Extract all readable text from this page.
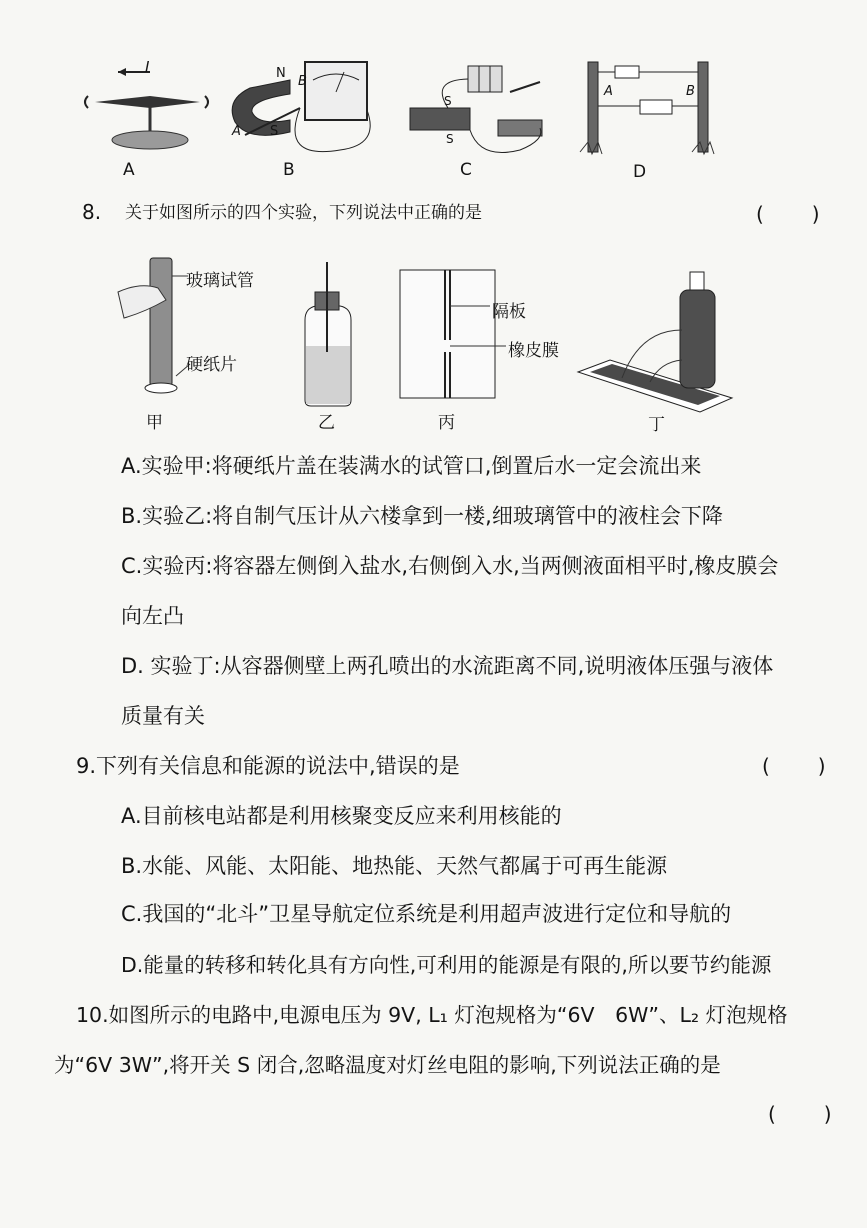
I	N
S
A
B
S
S
A	B
A	B	C	D
8. 关于如图所示的四个实验，下列说法中正确的是	(　)
玻璃试管
硬纸片
隔板
橡皮膜
甲	乙	丙	丁
A.实验甲:将硬纸片盖在装满水的试管口,倒置后水一定会流出来
B.实验乙:将自制气压计从六楼拿到一楼,细玻璃管中的液柱会下降
C.实验丙:将容器左侧倒入盐水,右侧倒入水,当两侧液面相平时,橡皮膜会
向左凸
D. 实验丁:从容器侧壁上两孔喷出的水流距离不同,说明液体压强与液体
质量有关
9.下列有关信息和能源的说法中,错误的是	(　)
A.目前核电站都是利用核聚变反应来利用核能的
B.水能、风能、太阳能、地热能、天然气都属于可再生能源
C.我国的“北斗”卫星导航定位系统是利用超声波进行定位和导航的
D.能量的转移和转化具有方向性,可利用的能源是有限的,所以要节约能源
10.如图所示的电路中,电源电压为 9V, L₁ 灯泡规格为“6V　6W”、L₂ 灯泡规格
为“6V 3W”,将开关 S 闭合,忽略温度对灯丝电阻的影响,下列说法正确的是
(　)
